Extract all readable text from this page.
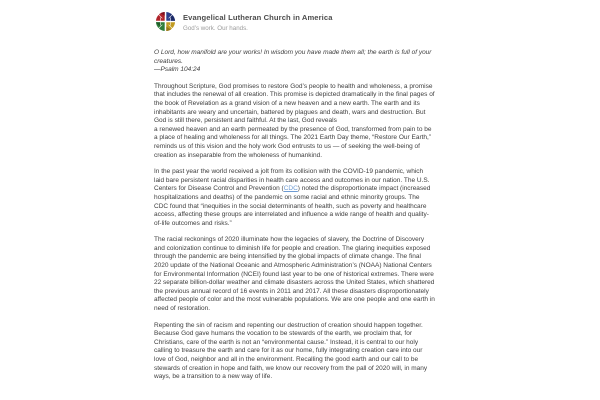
Evangelical Lutheran Church in America
God’s work. Our hands.

O Lord, how manifold are your works! In wisdom you have made them all; the earth is full of your creatures.
—Psalm 104:24

Throughout Scripture, God promises to restore God’s people to health and wholeness, a promise that includes the renewal of all creation. This promise is depicted dramatically in the final pages of the book of Revelation as a grand vision of a new heaven and a new earth. The earth and its inhabitants are weary and uncertain, battered by plagues and death, wars and destruction. But God is still there, persistent and faithful. At the last, God reveals
a renewed heaven and an earth permeated by the presence of God, transformed from pain to be a place of healing and wholeness for all things. The 2021 Earth Day theme, “Restore Our Earth,” reminds us of this vision and the holy work God entrusts to us — of seeking the well-being of creation as inseparable from the wholeness of humankind.

In the past year the world received a jolt from its collision with the COVID-19 pandemic, which laid bare persistent racial disparities in health care access and outcomes in our nation. The U.S. Centers for Disease Control and Prevention (CDC) noted the disproportionate impact (increased hospitalizations and deaths) of the pandemic on some racial and ethnic minority groups. The CDC found that “inequities in the social determinants of health, such as poverty and healthcare access, affecting these groups are interrelated and influence a wide range of health and quality-of-life outcomes and risks.”

The racial reckonings of 2020 illuminate how the legacies of slavery, the Doctrine of Discovery and colonization continue to diminish life for people and creation. The glaring inequities exposed through the pandemic are being intensified by the global impacts of climate change. The final 2020 update of the National Oceanic and Atmospheric Administration’s (NOAA) National Centers for Environmental Information (NCEI) found last year to be one of historical extremes. There were 22 separate billion-dollar weather and climate disasters across the United States, which shattered the previous annual record of 16 events in 2011 and 2017. All these disasters disproportionately affected people of color and the most vulnerable populations. We are one people and one earth in need of restoration.

Repenting the sin of racism and repenting our destruction of creation should happen together. Because God gave humans the vocation to be stewards of the earth, we proclaim that, for Christians, care of the earth is not an “environmental cause.” Instead, it is central to our holy calling to treasure the earth and care for it as our home, fully integrating creation care into our love of God, neighbor and all in the environment. Recalling the good earth and our call to be stewards of creation in hope and faith, we know our recovery from the pall of 2020 will, in many ways, be a transition to a new way of life.
